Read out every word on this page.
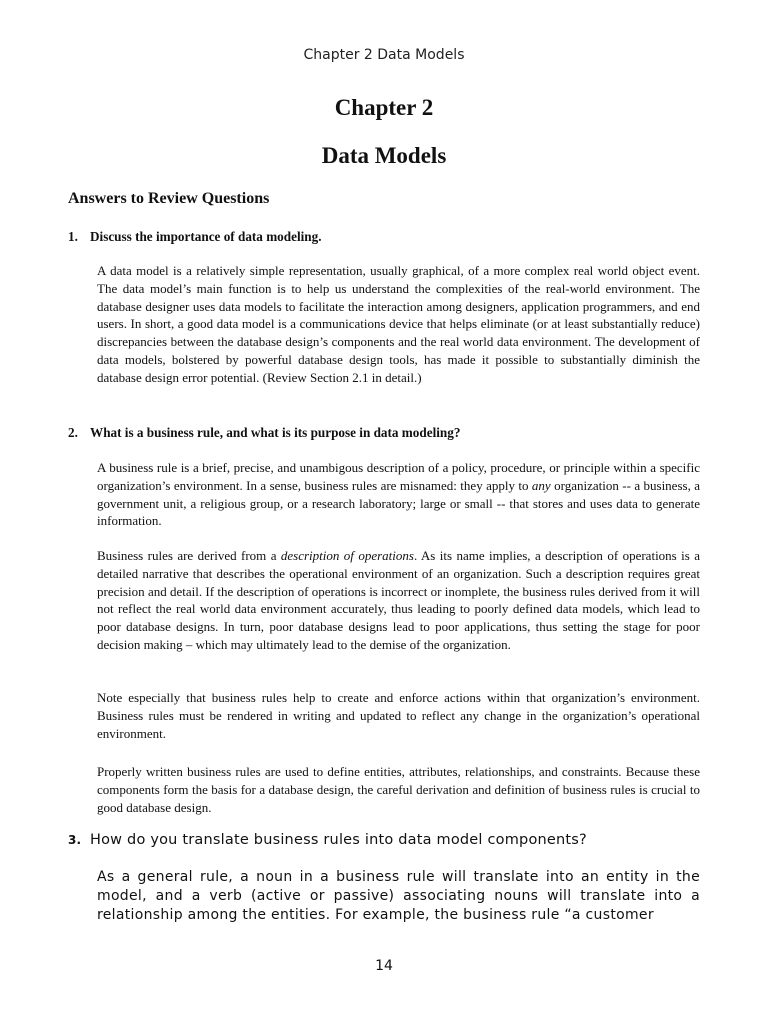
Chapter 2 Data Models
Chapter 2
Data Models
Answers to Review Questions
1. Discuss the importance of data modeling.

A data model is a relatively simple representation, usually graphical, of a more complex real world object event. The data model’s main function is to help us understand the complexities of the real-world environment. The database designer uses data models to facilitate the interaction among designers, application programmers, and end users. In short, a good data model is a communications device that helps eliminate (or at least substantially reduce) discrepancies between the database design’s components and the real world data environment. The development of data models, bolstered by powerful database design tools, has made it possible to substantially diminish the database design error potential. (Review Section 2.1 in detail.)

2. What is a business rule, and what is its purpose in data modeling?

A business rule is a brief, precise, and unambigous description of a policy, procedure, or principle within a specific organization’s environment. In a sense, business rules are misnamed: they apply to any organization -- a business, a government unit, a religious group, or a research laboratory; large or small -- that stores and uses data to generate information.

Business rules are derived from a description of operations. As its name implies, a description of operations is a detailed narrative that describes the operational environment of an organization. Such a description requires great precision and detail. If the description of operations is incorrect or inomplete, the business rules derived from it will not reflect the real world data environment accurately, thus leading to poorly defined data models, which lead to poor database designs. In turn, poor database designs lead to poor applications, thus setting the stage for poor decision making – which may ultimately lead to the demise of the organization.

Note especially that business rules help to create and enforce actions within that organization’s environment. Business rules must be rendered in writing and updated to reflect any change in the organization’s operational environment.

Properly written business rules are used to define entities, attributes, relationships, and constraints. Because these components form the basis for a database design, the careful derivation and definition of business rules is crucial to good database design.

3. How do you translate business rules into data model components?

As a general rule, a noun in a business rule will translate into an entity in the model, and a verb (active or passive) associating nouns will translate into a relationship among the entities. For example, the business rule “a customer

14
